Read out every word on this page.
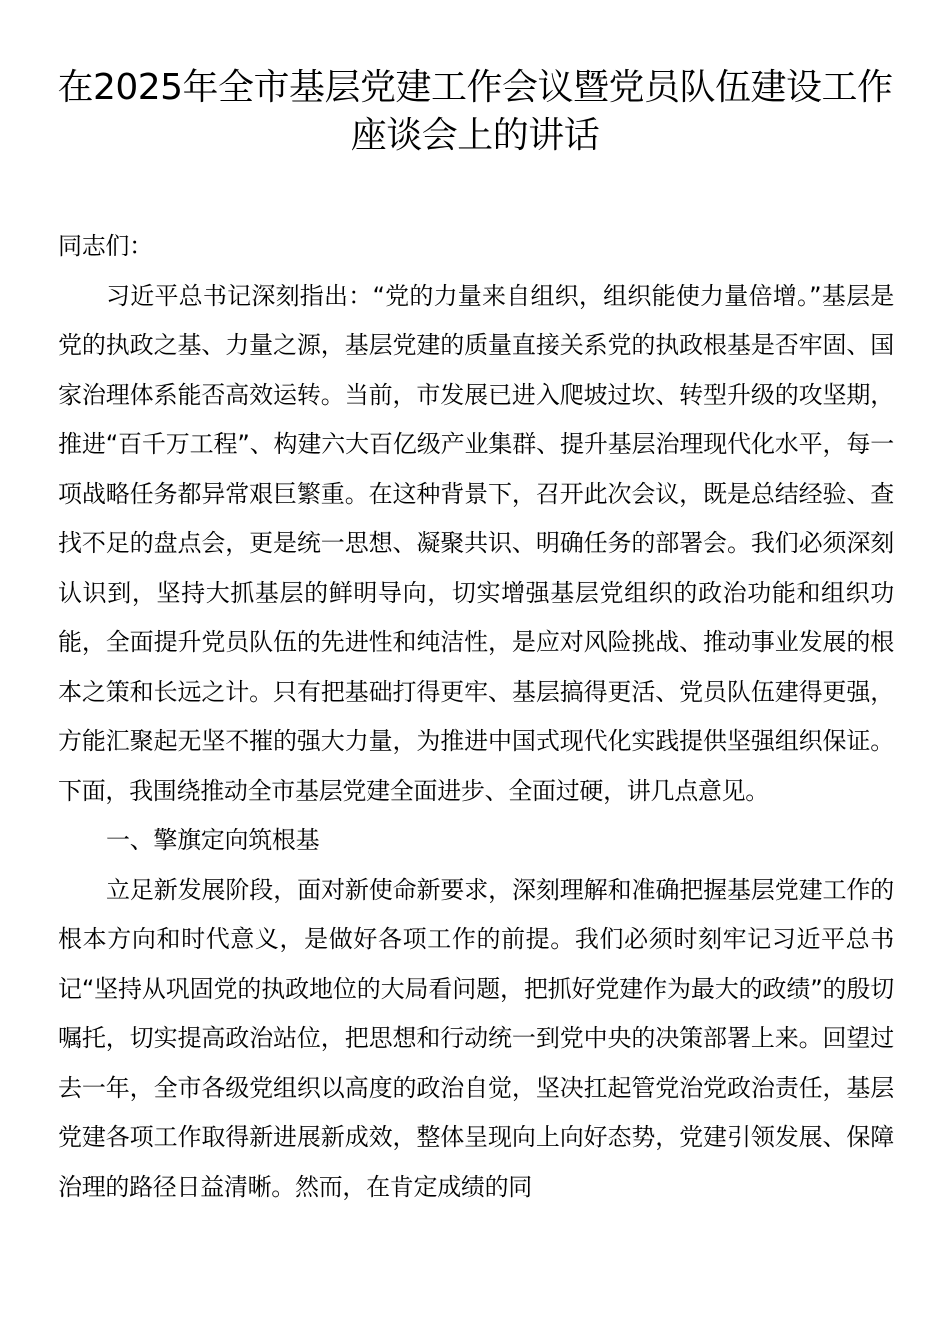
在2025年全市基层党建工作会议暨党员队伍建设工作座谈会上的讲话

同志们：

习近平总书记深刻指出：“党的力量来自组织，组织能使力量倍增。”基层是党的执政之基、力量之源，基层党建的质量直接关系党的执政根基是否牢固、国家治理体系能否高效运转。当前，市发展已进入爬坡过坎、转型升级的攻坚期，推进“百千万工程”、构建六大百亿级产业集群、提升基层治理现代化水平，每一项战略任务都异常艰巨繁重。在这种背景下，召开此次会议，既是总结经验、查找不足的盘点会，更是统一思想、凝聚共识、明确任务的部署会。我们必须深刻认识到，坚持大抓基层的鲜明导向，切实增强基层党组织的政治功能和组织功能，全面提升党员队伍的先进性和纯洁性，是应对风险挑战、推动事业发展的根本之策和长远之计。只有把基础打得更牢、基层搞得更活、党员队伍建得更强，方能汇聚起无坚不摧的强大力量，为推进中国式现代化实践提供坚强组织保证。下面，我围绕推动全市基层党建全面进步、全面过硬，讲几点意见。

一、擎旗定向筑根基

立足新发展阶段，面对新使命新要求，深刻理解和准确把握基层党建工作的根本方向和时代意义，是做好各项工作的前提。我们必须时刻牢记习近平总书记“坚持从巩固党的执政地位的大局看问题，把抓好党建作为最大的政绩”的殷切嘱托，切实提高政治站位，把思想和行动统一到党中央的决策部署上来。回望过去一年，全市各级党组织以高度的政治自觉，坚决扛起管党治党政治责任，基层党建各项工作取得新进展新成效，整体呈现向上向好态势，党建引领发展、保障治理的路径日益清晰。然而，在肯定成绩的同
